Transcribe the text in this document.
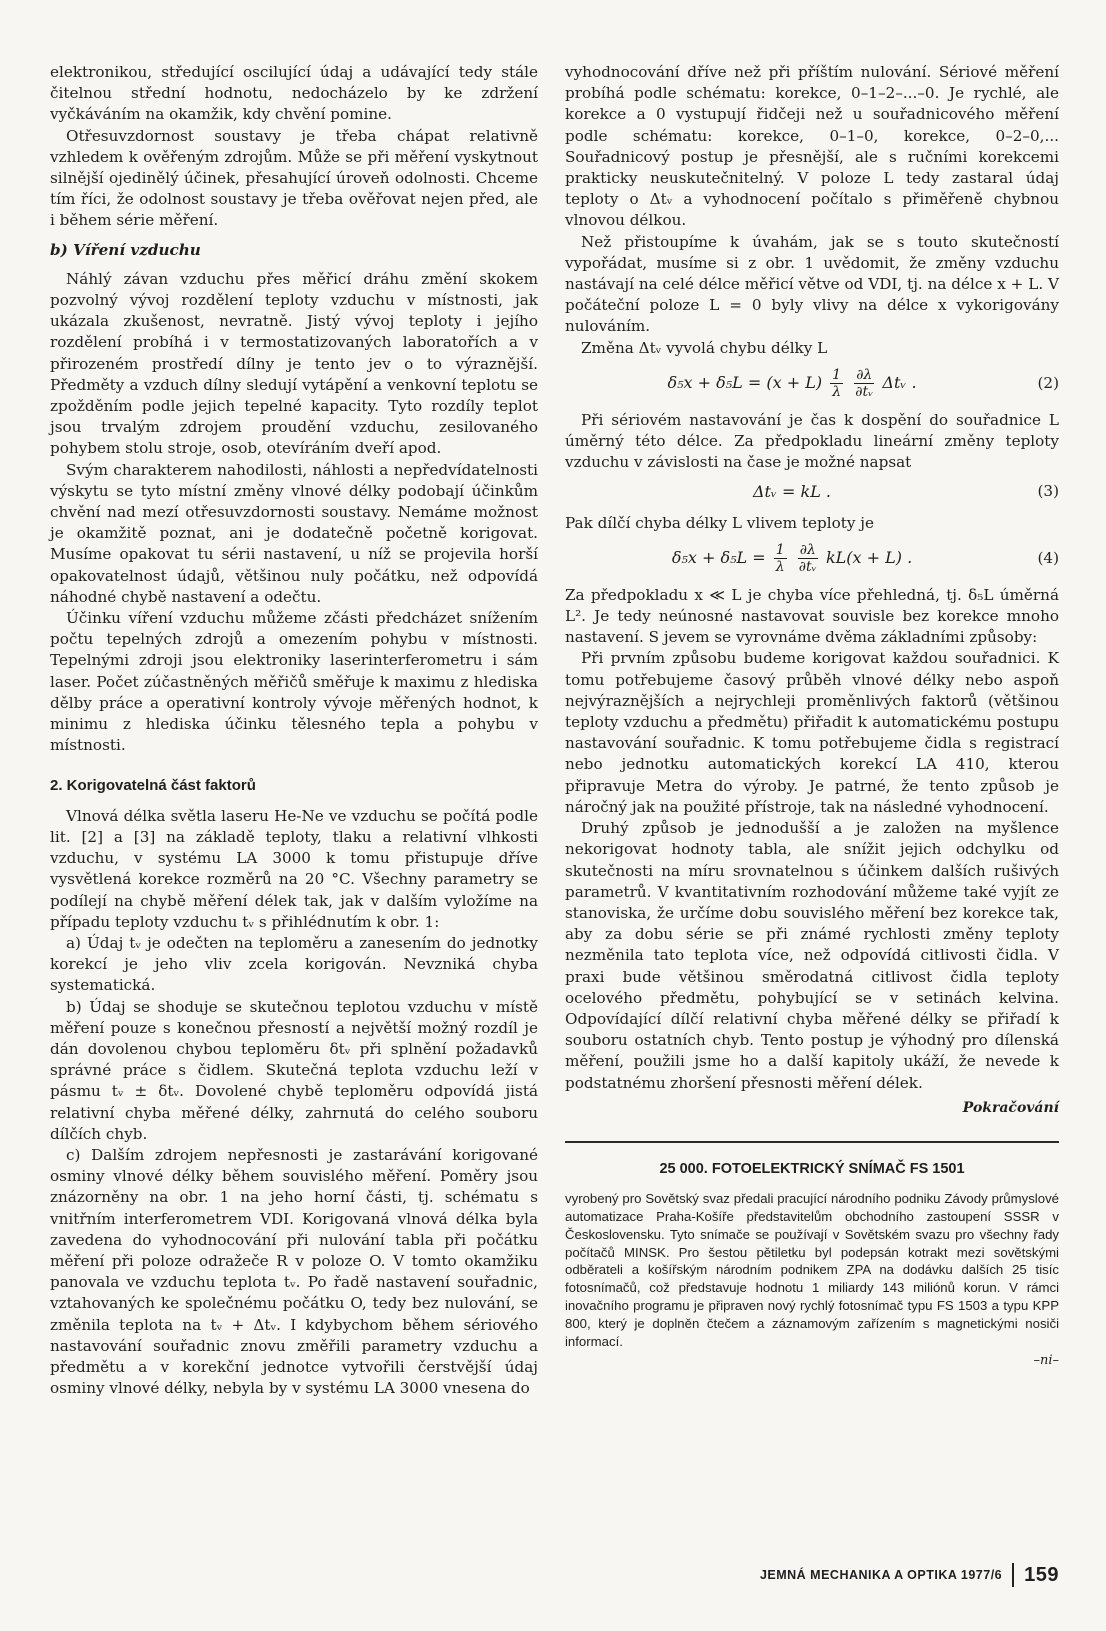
elektronikou, středující oscilující údaj a udávající tedy stále čitelnou střední hodnotu, nedocházelo by ke zdržení vyčkáváním na okamžik, kdy chvění pomine.

Otřesuvzdornost soustavy je třeba chápat relativně vzhledem k ověřeným zdrojům. Může se při měření vyskytnout silnější ojedinělý účinek, přesahující úroveň odolnosti. Chceme tím říci, že odolnost soustavy je třeba ověřovat nejen před, ale i během série měření.

b) Víření vzduchu

Náhlý závan vzduchu přes měřicí dráhu změní skokem pozvolný vývoj rozdělení teploty vzduchu v místnosti, jak ukázala zkušenost, nevratně. Jistý vývoj teploty i jejího rozdělení probíhá i v termostatizovaných laboratořích a v přirozeném prostředí dílny je tento jev o to výraznější. Předměty a vzduch dílny sledují vytápění a venkovní teplotu se zpožděním podle jejich tepelné kapacity. Tyto rozdíly teplot jsou trvalým zdrojem proudění vzduchu, zesilovaného pohybem stolu stroje, osob, otevíráním dveří apod.

Svým charakterem nahodilosti, náhlosti a nepředvídatelnosti výskytu se tyto místní změny vlnové délky podobají účinkům chvění nad mezí otřesuvzdornosti soustavy. Nemáme možnost je okamžitě poznat, ani je dodatečně početně korigovat. Musíme opakovat tu sérii nastavení, u níž se projevila horší opakovatelnost údajů, většinou nuly počátku, než odpovídá náhodné chybě nastavení a odečtu.

Účinku víření vzduchu můžeme zčásti předcházet snížením počtu tepelných zdrojů a omezením pohybu v místnosti. Tepelnými zdroji jsou elektroniky laserinterferometru i sám laser. Počet zúčastněných měřičů směřuje k maximu z hlediska dělby práce a operativní kontroly vývoje měřených hodnot, k minimu z hlediska účinku tělesného tepla a pohybu v místnosti.

2. Korigovatelná část faktorů

Vlnová délka světla laseru He-Ne ve vzduchu se počítá podle lit. [2] a [3] na základě teploty, tlaku a relativní vlhkosti vzduchu, v systému LA 3000 k tomu přistupuje dříve vysvětlená korekce rozměrů na 20 °C. Všechny parametry se podílejí na chybě měření délek tak, jak v dalším vyložíme na případu teploty vzduchu tᵥ s přihlédnutím k obr. 1:

a) Údaj tᵥ je odečten na teploměru a zanesením do jednotky korekcí je jeho vliv zcela korigován. Nevzniká chyba systematická.

b) Údaj se shoduje se skutečnou teplotou vzduchu v místě měření pouze s konečnou přesností a největší možný rozdíl je dán dovolenou chybou teploměru δtᵥ při splnění požadavků správné práce s čidlem. Skutečná teplota vzduchu leží v pásmu tᵥ ± δtᵥ. Dovolené chybě teploměru odpovídá jistá relativní chyba měřené délky, zahrnutá do celého souboru dílčích chyb.

c) Dalším zdrojem nepřesnosti je zastarávání korigované osminy vlnové délky během souvislého měření. Poměry jsou znázorněny na obr. 1 na jeho horní části, tj. schématu s vnitřním interferometrem VDI. Korigovaná vlnová délka byla zavedena do vyhodnocování při nulování tabla při počátku měření při poloze odražeče R v poloze O. V tomto okamžiku panovala ve vzduchu teplota tᵥ. Po řadě nastavení souřadnic, vztahovaných ke společnému počátku O, tedy bez nulování, se změnila teplota na tᵥ + Δtᵥ. I kdybychom během sériového nastavování souřadnic znovu změřili parametry vzduchu a předmětu a v korekční jednotce vytvořili čerstvější údaj osminy vlnové délky, nebyla by v systému LA 3000 vnesena do

vyhodnocování dříve než při příštím nulování. Sériové měření probíhá podle schématu: korekce, 0–1–2–...–0. Je rychlé, ale korekce a 0 vystupují řidčeji než u souřadnicového měření podle schématu: korekce, 0–1–0, korekce, 0–2–0,... Souřadnicový postup je přesnější, ale s ručními korekcemi prakticky neuskutečnitelný. V poloze L tedy zastaral údaj teploty o Δtᵥ a vyhodnocení počítalo s přiměřeně chybnou vlnovou délkou.

Než přistoupíme k úvahám, jak se s touto skutečností vypořádat, musíme si z obr. 1 uvědomit, že změny vzduchu nastávají na celé délce měřicí větve od VDI, tj. na délce x + L. V počáteční poloze L = 0 byly vlivy na délce x vykorigovány nulováním.

Změna Δtᵥ vyvolá chybu délky L

$\delta_5x + \delta_5L = (x + L) \frac{1}{\lambda}$
$\frac{\partial\lambda}{\text{∂tᵥ}}$ Δtᵥ .	(2)

Při sériovém nastavování je čas k dospění do souřadnice L úměrný této délce. Za předpokladu lineární změny teploty vzduchu v závislosti na čase je možné napsat

Δtᵥ = kL .	(3)

Pak dílčí chyba délky L vlivem teploty je

$\delta_5x + \delta_5L = \frac{1}{\lambda}$
$\frac{\partial\lambda}{\text{∂tᵥ}} kL(x + L)$ .	(4)

Za předpokladu x ≪ L je chyba více přehledná, tj. δ₅L úměrná L². Je tedy neúnosné nastavovat souvisle bez korekce mnoho nastavení. S jevem se vyrovnáme dvěma základními způsoby:

Při prvním způsobu budeme korigovat každou souřadnici. K tomu potřebujeme časový průběh vlnové délky nebo aspoň nejvýraznějších a nejrychleji proměnlivých faktorů (většinou teploty vzduchu a předmětu) přiřadit k automatickému postupu nastavování souřadnic. K tomu potřebujeme čidla s registrací nebo jednotku automatických korekcí LA 410, kterou připravuje Metra do výroby. Je patrné, že tento způsob je náročný jak na použité přístroje, tak na následné vyhodnocení.

Druhý způsob je jednodušší a je založen na myšlence nekorigovat hodnoty tabla, ale snížit jejich odchylku od skutečnosti na míru srovnatelnou s účinkem dalších rušivých parametrů. V kvantitativním rozhodování můžeme také vyjít ze stanoviska, že určíme dobu souvislého měření bez korekce tak, aby za dobu série se při známé rychlosti změny teploty nezměnila tato teplota více, než odpovídá citlivosti čidla. V praxi bude většinou směrodatná citlivost čidla teploty ocelového předmětu, pohybující se v setinách kelvina. Odpovídající dílčí relativní chyba měřené délky se přiřadí k souboru ostatních chyb. Tento postup je výhodný pro dílenská měření, použili jsme ho a další kapitoly ukáží, že nevede k podstatnému zhoršení přesnosti měření délek.

Pokračování
25 000. FOTOELEKTRICKÝ SNÍMAČ FS 1501
vyrobený pro Sovětský svaz předali pracující národního podniku Závody průmyslové automatizace Praha-Košíře představitelům obchodního zastoupení SSSR v Československu. Tyto snímače se používají v Sovětském svazu pro všechny řady počítačů MINSK. Pro šestou pětiletku byl podepsán kotrakt mezi sovětskými odběrateli a košířským národním podnikem ZPA na dodávku dalších 25 tisíc fotosnímačů, což představuje hodnotu 1 miliardy 143 miliónů korun. V rámci inovačního programu je připraven nový rychlý fotosnímač typu FS 1503 a typu KPP 800, který je doplněn čtečem a záznamovým zařízením s magnetickými nosiči informací.
–ni–
JEMNÁ MECHANIKA A OPTIKA 1977/6 159
